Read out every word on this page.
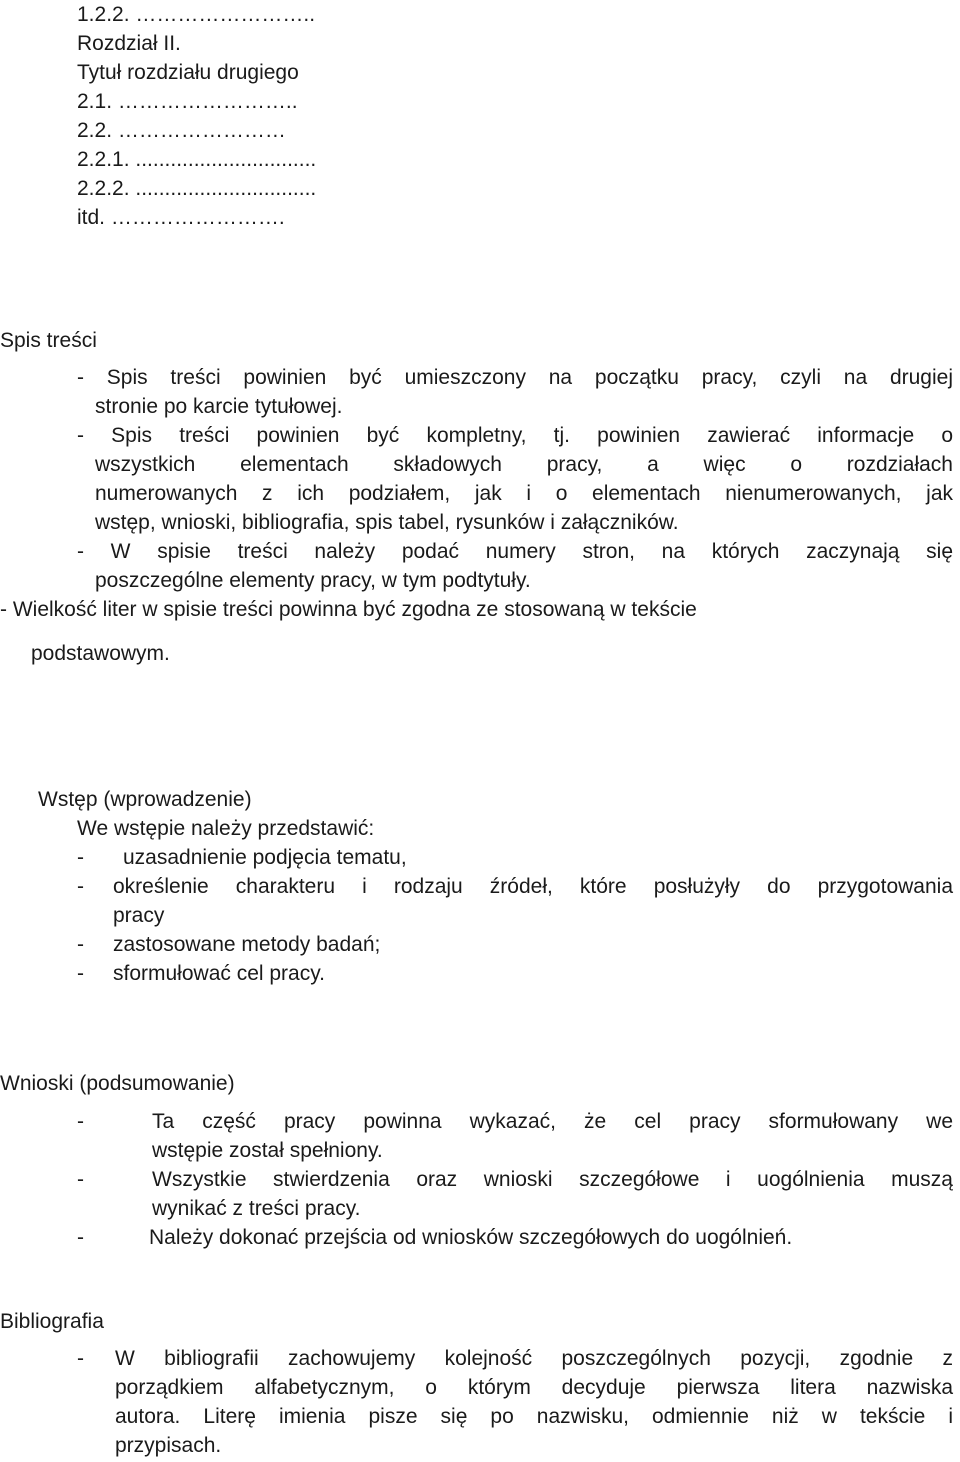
1.2.2. ……………………..
Rozdział II.
Tytuł rozdziału drugiego
2.1. ……………………..
2.2. ……………………
2.2.1. ...............................
2.2.2. ...............................
itd. …………………….
Spis treści
- Spis treści powinien być umieszczony na początku pracy, czyli na drugiej
stronie po karcie tytułowej.
- Spis treści powinien być kompletny, tj. powinien zawierać informacje o
wszystkich elementach składowych pracy, a więc o rozdziałach
numerowanych z ich podziałem, jak i o elementach nienumerowanych, jak
wstęp, wnioski, bibliografia, spis tabel, rysunków i załączników.
- W spisie treści należy podać numery stron, na których zaczynają się
poszczególne elementy pracy, w tym podtytuły.
- Wielkość liter w spisie treści powinna być zgodna ze stosowaną w tekście
podstawowym.
Wstęp (wprowadzenie)
We wstępie należy przedstawić:
- uzasadnienie podjęcia tematu,
- określenie charakteru i rodzaju źródeł, które posłużyły do przygotowania
pracy
- zastosowane metody badań;
- sformułować cel pracy.
Wnioski (podsumowanie)
-	Ta część pracy powinna wykazać, że cel pracy sformułowany we
wstępie został spełniony.
-	Wszystkie stwierdzenia oraz wnioski szczegółowe i uogólnienia muszą
wynikać z treści pracy.
-	Należy dokonać przejścia od wniosków szczegółowych do uogólnień.
Bibliografia
- W bibliografii zachowujemy kolejność poszczególnych pozycji, zgodnie z
porządkiem alfabetycznym, o którym decyduje pierwsza litera nazwiska
autora. Literę imienia pisze się po nazwisku, odmiennie niż w tekście i
przypisach.
